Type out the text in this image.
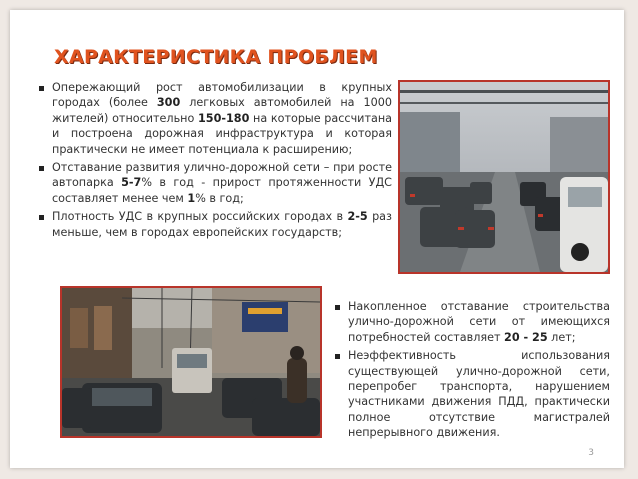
ХАРАКТЕРИСТИКА ПРОБЛЕМ
Опережающий рост автомобилизации в крупных городах (более 300 легковых автомобилей на 1000 жителей) относительно 150-180 на которые рассчитана и построена дорожная инфраструктура и которая практически не имеет потенциала к расширению;
Отставание развития улично-дорожной сети – при росте автопарка 5-7% в год - прирост протяженности УДС составляет менее чем 1% в год;
Плотность УДС в крупных российских городах в 2-5 раз меньше, чем в городах европейских государств;
Накопленное отставание строительства улично-дорожной сети от имеющихся потребностей составляет 20 - 25 лет;
Неэффективность использования существующей улично-дорожной сети, перепробег транспорта, нарушением участниками движения ПДД, практически полное отсутствие магистралей непрерывного движения.
3
